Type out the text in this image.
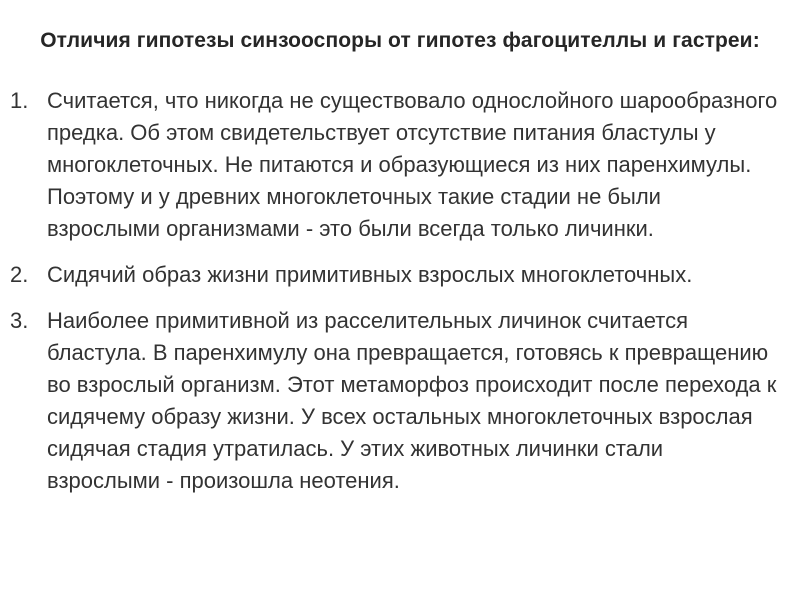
Отличия гипотезы синзооспоры от гипотез фагоцителлы и гастреи:
1. Считается, что никогда не существовало однослойного шарообразного предка. Об этом свидетельствует отсутствие питания бластулы у многоклеточных. Не питаются и образующиеся из них паренхимулы. Поэтому и у древних многоклеточных такие стадии не были взрослыми организмами - это были всегда только личинки.
2. Сидячий образ жизни примитивных взрослых многоклеточных.
3. Наиболее примитивной из расселительных личинок считается бластула. В паренхимулу она превращается, готовясь к превращению во взрослый организм. Этот метаморфоз происходит после перехода к сидячему образу жизни. У всех остальных многоклеточных взрослая сидячая стадия утратилась. У этих животных личинки стали взрослыми - произошла неотения.
